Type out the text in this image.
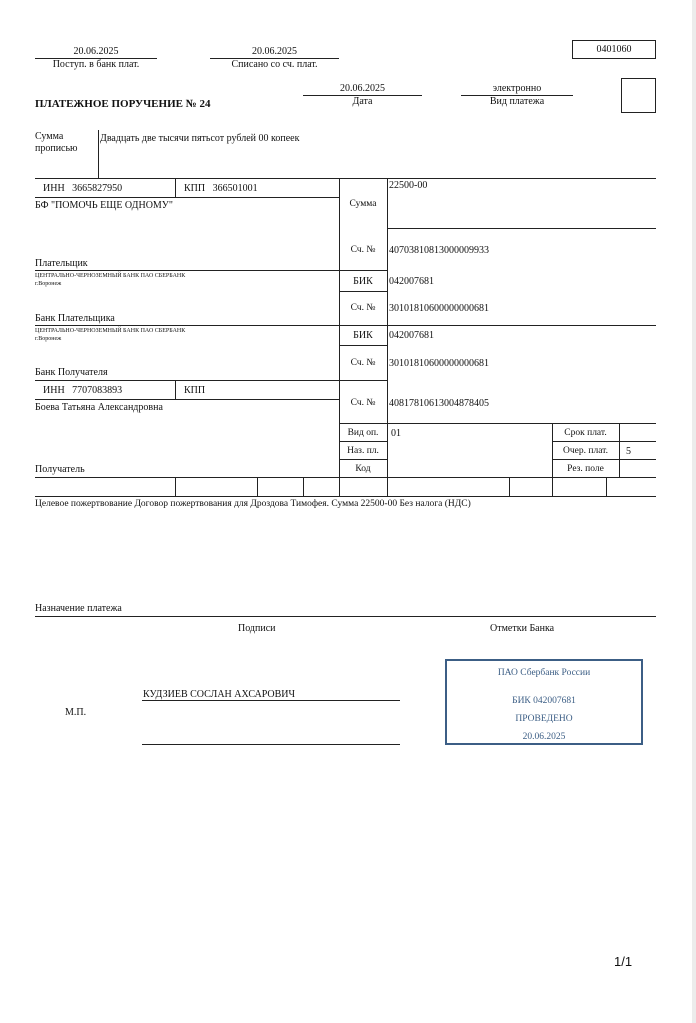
0401060
20.06.2025
Поступ. в банк плат.
20.06.2025
Списано со сч. плат.
ПЛАТЕЖНОЕ ПОРУЧЕНИЕ № 24
20.06.2025
Дата
электронно
Вид платежа
Сумма
прописью
Двадцать две тысячи пятьсот рублей 00 копеек
ИНН 3665827950	КПП 366501001
БФ "ПОМОЧЬ ЕЩЕ ОДНОМУ"
Плательщик
Сумма
22500-00
Сч. №	40703810813000009933
ЦЕНТРАЛЬНО-ЧЕРНОЗЕМНЫЙ БАНК ПАО СБЕРБАНК
г.Воронеж
Банк Плательщика
БИК	042007681
Сч. №	30101810600000000681
ЦЕНТРАЛЬНО-ЧЕРНОЗЕМНЫЙ БАНК ПАО СБЕРБАНК
г.Воронеж
Банк Получателя
БИК	042007681
Сч. №	30101810600000000681
ИНН 7707083893	КПП
Боева Татьяна Александровна
Получатель
Сч. №	40817810613004878405
Вид оп.	01
Наз. пл.
Код
Срок плат.
Очер. плат.	5
Рез. поле
Целевое пожертвование Договор пожертвования для Дроздова Тимофея. Сумма 22500-00 Без налога (НДС)
Назначение платежа
Подписи	Отметки Банка
М.П.
КУДЗИЕВ СОСЛАН АХСАРОВИЧ
ПАО Сбербанк России
БИК 042007681
ПРОВЕДЕНО
20.06.2025
1/1
